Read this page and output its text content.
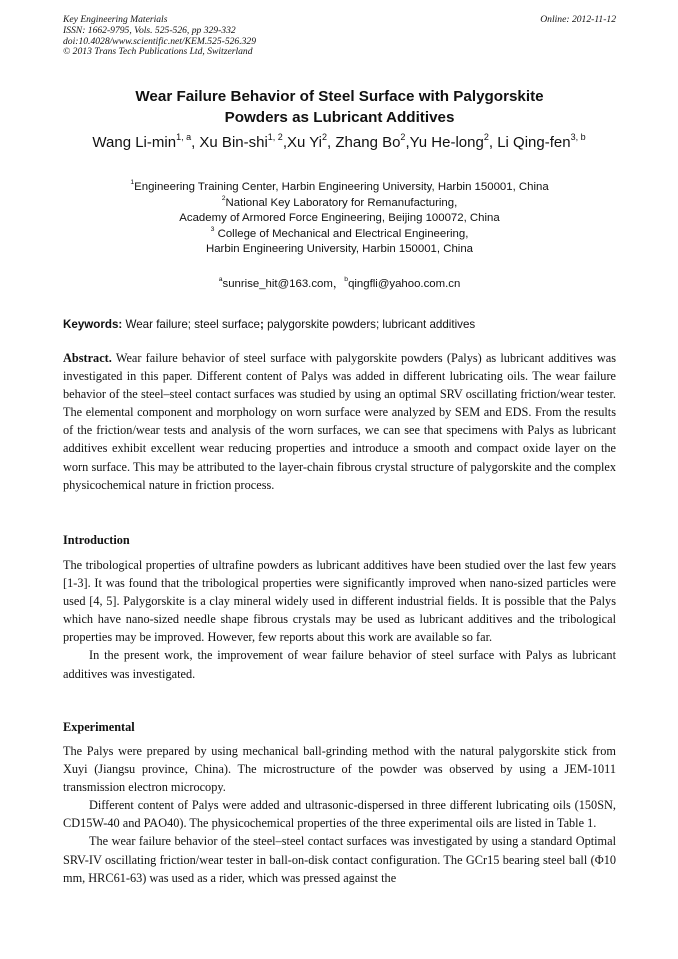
Key Engineering Materials
ISSN: 1662-9795, Vols. 525-526, pp 329-332
doi:10.4028/www.scientific.net/KEM.525-526.329
© 2013 Trans Tech Publications Ltd, Switzerland
Online: 2012-11-12
Wear Failure Behavior of Steel Surface with Palygorskite
Powders as Lubricant Additives
Wang $Li-\min^{1, a}$, Xu Bin-shi$^{1, 2}$,Xu Yi$^2$, Zhang Bo$^2$,Yu He-long$^2$, Li Qing-fen$^{3, b}$
$^1$Engineering Training Center, Harbin Engineering University, Harbin 150001, China
$^2$National Key Laboratory for Remanufacturing,
Academy of Armored Force Engineering, Beijing 100072, China
$^3$ College of Mechanical and Electrical Engineering,
Harbin Engineering University, Harbin 150001, China
$^a$sunrise_hit@163.com，$^b$qingfli@yahoo.com.cn
Keywords: Wear failure; steel surface; palygorskite powders; lubricant additives

Abstract. Wear failure behavior of steel surface with palygorskite powders (Palys) as lubricant additives was investigated in this paper. Different content of Palys was added in different lubricating oils. The wear failure behavior of the steel–steel contact surfaces was studied by using an optimal SRV oscillating friction/wear tester. The elemental component and morphology on worn surface were analyzed by SEM and EDS. From the results of the friction/wear tests and analysis of the worn surfaces, we can see that specimens with Palys as lubricant additives exhibit excellent wear reducing properties and introduce a smooth and compact oxide layer on the worn surface. This may be attributed to the layer-chain fibrous crystal structure of palygorskite and the complex physicochemical nature in friction process.

Introduction

The tribological properties of ultrafine powders as lubricant additives have been studied over the last few years [1-3]. It was found that the tribological properties were significantly improved when nano-sized particles were used [4, 5]. Palygorskite is a clay mineral widely used in different industrial fields. It is possible that the Palys which have nano-sized needle shape fibrous crystals may be used as lubricant additives and the tribological properties may be improved. However, few reports about this work are available so far.

In the present work, the improvement of wear failure behavior of steel surface with Palys as lubricant additives was investigated.

Experimental

The Palys were prepared by using mechanical ball-grinding method with the natural palygorskite stick from Xuyi (Jiangsu province, China). The microstructure of the powder was observed by using a JEM-1011 transmission electron microcopy.

Different content of Palys were added and ultrasonic-dispersed in three different lubricating oils (150SN, CD15W-40 and PAO40). The physicochemical properties of the three experimental oils are listed in Table 1.

The wear failure behavior of the steel–steel contact surfaces was investigated by using a standard Optimal SRV-IV oscillating friction/wear tester in ball-on-disk contact configuration. The GCr15 bearing steel ball (Φ10 mm, HRC61-63) was used as a rider, which was pressed against the
